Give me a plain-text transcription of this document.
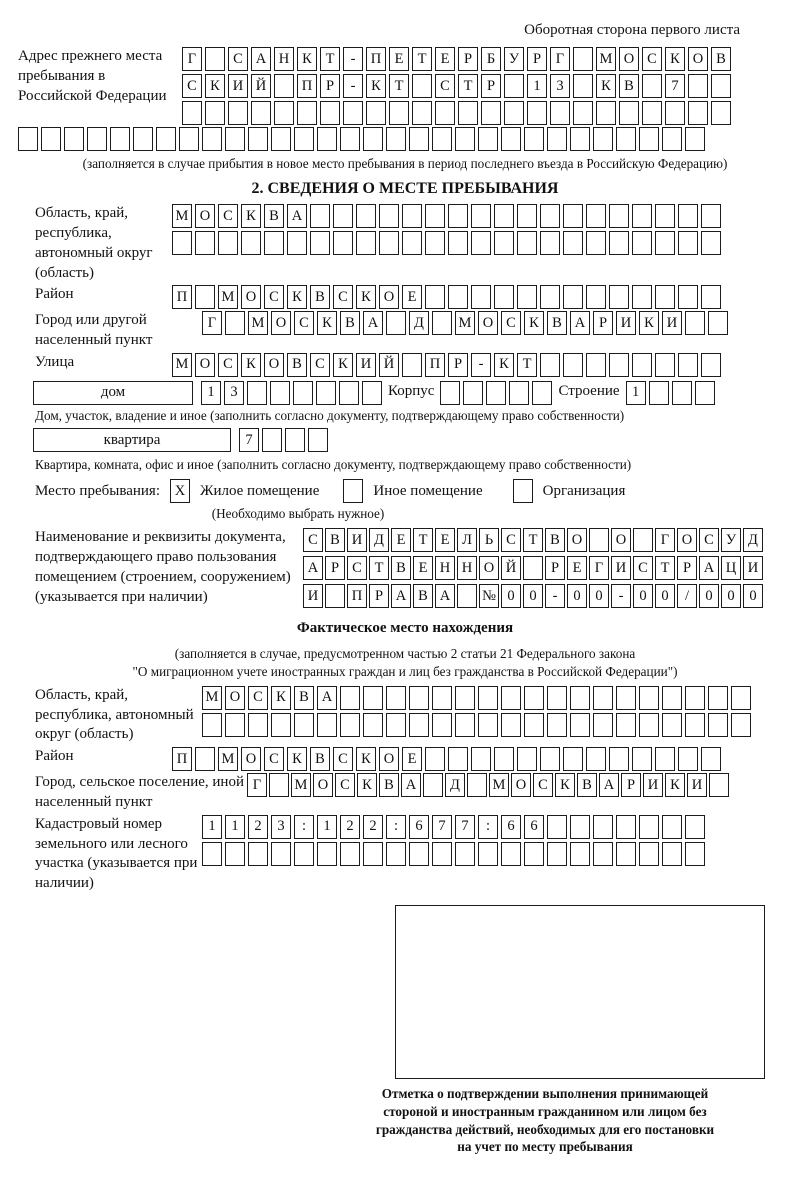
Оборотная сторона первого листа
Адрес прежнего места пребывания в Российской Федерации
Г	С А Н К Т	-	П Е Т Е	Р	Б У Р	Г	М О С К О В
С К И Й	П Р	-	К Т	С Т	Р	1	3	К В	7
(заполняется в случае прибытия в новое место пребывания в период последнего въезда в Российскую Федерацию)
2. СВЕДЕНИЯ О МЕСТЕ ПРЕБЫВАНИЯ
Область, край, республика, автономный округ (область)
М О С К В А
Район	П	М О С К В С К О Е
Город или другой населенный пункт
Г	М О С К В А	Д	М О С К В А Р И К И
Улица	М О С К О В С К И Й	П Р	-	К Т
дом	1	3	Корпус	Строение 1
Дом, участок, владение и иное (заполнить согласно документу, подтверждающему право собственности)
квартира	7
Квартира, комната, офис и иное (заполнить согласно документу, подтверждающему право собственности)
Место пребывания:	X Жилое помещение	Иное помещение	Организация
(Необходимо выбрать нужное)
Наименование и реквизиты документа, подтверждающего право пользования помещением (строением, сооружением) (указывается при наличии)
С В И Д Е Т Е Л Ь С Т В О	О	Г О С У Д
А Р С Т В Е Н Н О Й	Р Е Г И С Т Р А Ц И
И	П Р А В А	№ 0	0	-	0	0	-	0	0	/	0	0	0
Фактическое место нахождения
(заполняется в случае, предусмотренном частью 2 статьи 21 Федерального закона
"О миграционном учете иностранных граждан и лиц без гражданства в Российской Федерации")
Область, край, республика, автономный округ (область)
М О С К В А
Район	П	М О С К В С К О Е
Город, сельское поселение, иной населенный пункт
Г	М О С К В А	Д	М О С К В А Р И К И
Кадастровый номер земельного или лесного участка (указывается при наличии)
1	1	2	3	:	1	2	2	:	6	7	7	:	6	6
Отметка о подтверждении выполнения принимающей
стороной и иностранным гражданином или лицом без
гражданства действий, необходимых для его постановки
на учет по месту пребывания
